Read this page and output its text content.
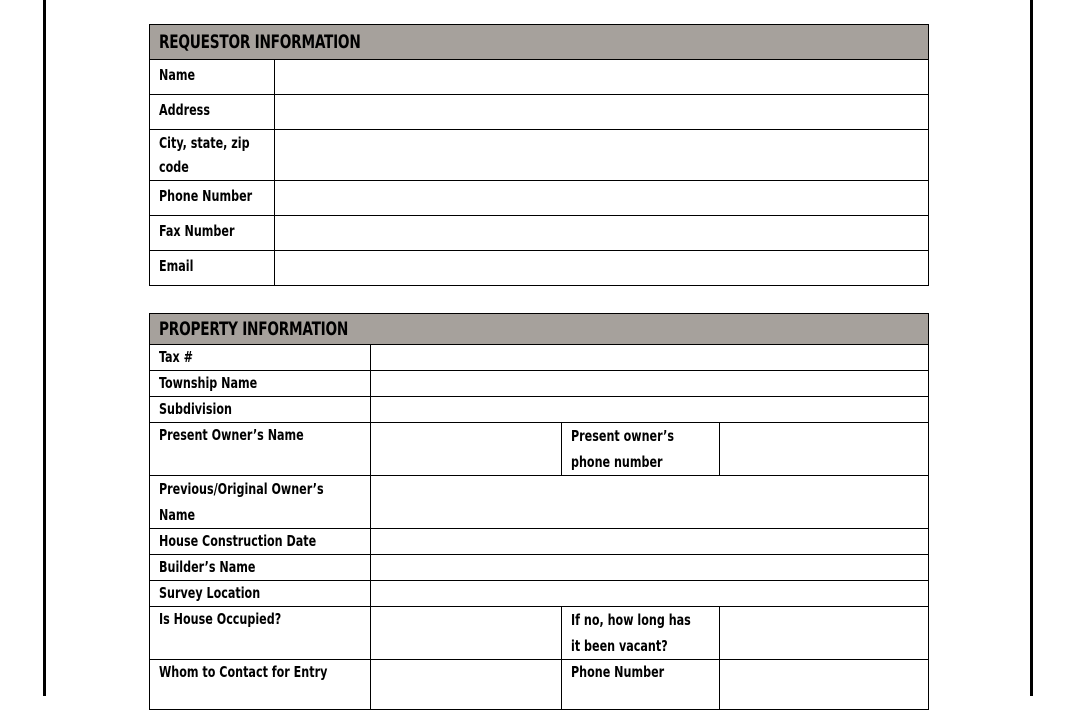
REQUESTOR INFORMATION	
Name	
Address	

City, state, zip
code	

Phone Number	
Fax Number	
Email	
PROPERTY INFORMATION			
Tax #			
Township Name			
Subdivision			
Present Owner’s Name		Present owner’s
phone number	

Previous/Original Owner’s
Name			

House Construction Date			
Builder’s Name			
Survey Location			
Is House Occupied?		If no, how long has
it been vacant?	

Whom to Contact for Entry		Phone Number	
